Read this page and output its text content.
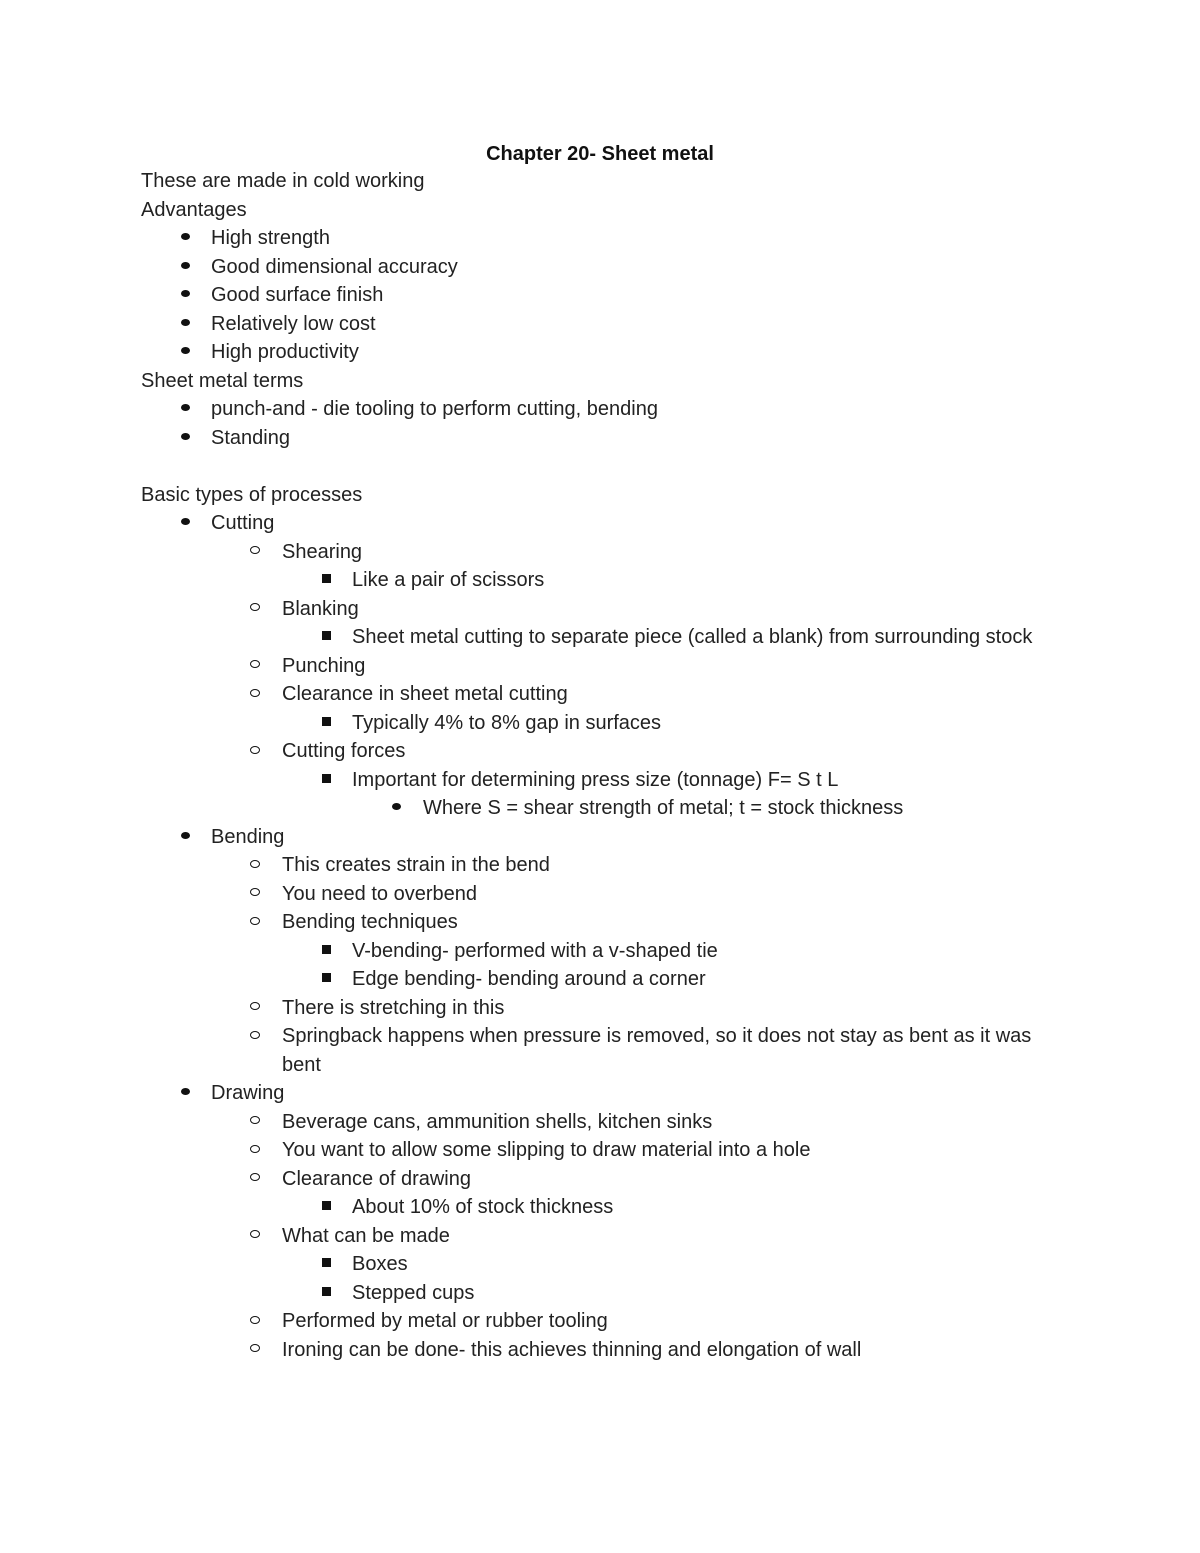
Chapter 20- Sheet metal
These are made in cold working
Advantages
High strength
Good dimensional accuracy
Good surface finish
Relatively low cost
High productivity
Sheet metal terms
punch-and - die tooling to perform cutting, bending
Standing
Basic types of processes
Cutting
Shearing
Like a pair of scissors
Blanking
Sheet metal cutting to separate piece (called a blank) from surrounding stock
Punching
Clearance in sheet metal cutting
Typically 4% to 8% gap in surfaces
Cutting forces
Important for determining press size (tonnage) F= S t L
Where S = shear strength of metal; t = stock thickness
Bending
This creates strain in the bend
You need to overbend
Bending techniques
V-bending- performed with a v-shaped tie
Edge bending- bending around a corner
There is stretching in this
Springback happens when pressure is removed, so it does not stay as bent as it was bent
Drawing
Beverage cans, ammunition shells, kitchen sinks
You want to allow some slipping to draw material into a hole
Clearance of drawing
About 10% of stock thickness
What can be made
Boxes
Stepped cups
Performed by metal or rubber tooling
Ironing can be done- this achieves thinning and elongation of wall
